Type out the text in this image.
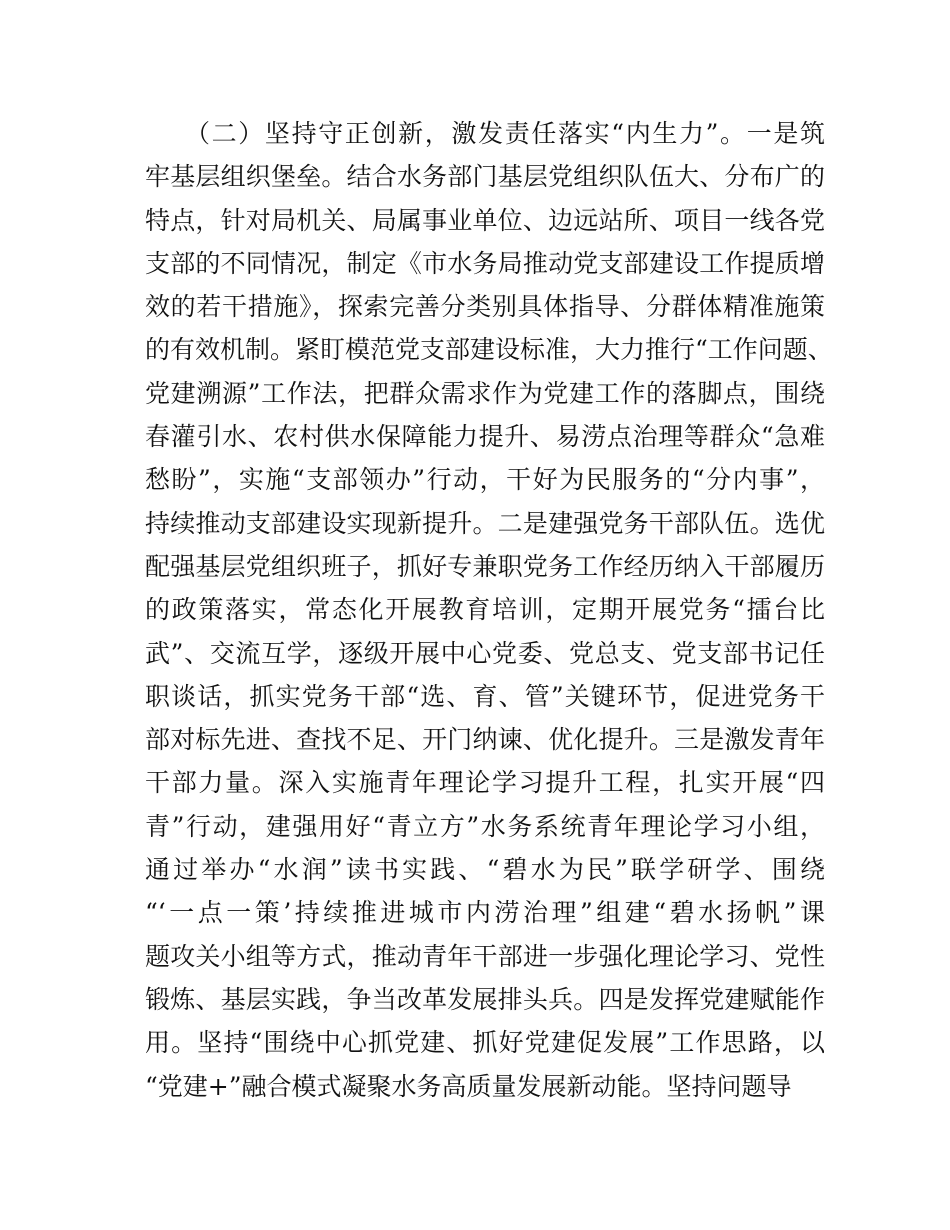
（二）坚持守正创新，激发责任落实“内生力”。一是筑
牢基层组织堡垒。结合水务部门基层党组织队伍大、分布广的
特点，针对局机关、局属事业单位、边远站所、项目一线各党
支部的不同情况，制定《市水务局推动党支部建设工作提质增
效的若干措施》，探索完善分类别具体指导、分群体精准施策
的有效机制。紧盯模范党支部建设标准，大力推行“工作问题、
党建溯源”工作法，把群众需求作为党建工作的落脚点，围绕
春灌引水、农村供水保障能力提升、易涝点治理等群众“急难
愁盼”，实施“支部领办”行动，干好为民服务的“分内事”，
持续推动支部建设实现新提升。二是建强党务干部队伍。选优
配强基层党组织班子，抓好专兼职党务工作经历纳入干部履历
的政策落实，常态化开展教育培训，定期开展党务“擂台比
武”、交流互学，逐级开展中心党委、党总支、党支部书记任
职谈话，抓实党务干部“选、育、管”关键环节，促进党务干
部对标先进、查找不足、开门纳谏、优化提升。三是激发青年
干部力量。深入实施青年理论学习提升工程，扎实开展“四
青”行动，建强用好“青立方”水务系统青年理论学习小组，
通过举办“水润”读书实践、“碧水为民”联学研学、围绕
“‘一点一策’持续推进城市内涝治理”组建“碧水扬帆”课
题攻关小组等方式，推动青年干部进一步强化理论学习、党性
锻炼、基层实践，争当改革发展排头兵。四是发挥党建赋能作
用。坚持“围绕中心抓党建、抓好党建促发展”工作思路，以
“党建+”融合模式凝聚水务高质量发展新动能。坚持问题导
